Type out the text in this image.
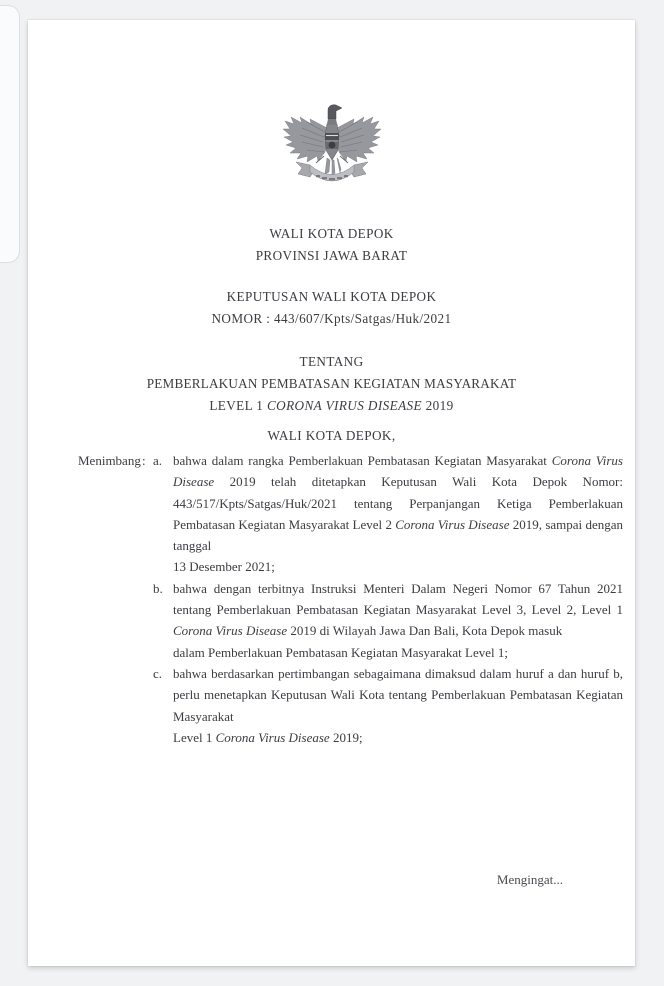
WALI KOTA DEPOK
PROVINSI JAWA BARAT
KEPUTUSAN WALI KOTA DEPOK
NOMOR : 443/607/Kpts/Satgas/Huk/2021
TENTANG
PEMBERLAKUAN PEMBATASAN KEGIATAN MASYARAKAT
LEVEL 1 CORONA VIRUS DISEASE 2019
WALI KOTA DEPOK,
Menimbang : a. bahwa dalam rangka Pemberlakuan Pembatasan Kegiatan Masyarakat Corona Virus Disease 2019 telah ditetapkan Keputusan Wali Kota Depok Nomor: 443/517/Kpts/Satgas/Huk/2021 tentang Perpanjangan Ketiga Pemberlakuan Pembatasan Kegiatan Masyarakat Level 2 Corona Virus Disease 2019, sampai dengan tanggal
13 Desember 2021;

b. bahwa dengan terbitnya Instruksi Menteri Dalam Negeri Nomor 67 Tahun 2021 tentang Pemberlakuan Pembatasan Kegiatan Masyarakat Level 3, Level 2, Level 1 Corona Virus Disease 2019 di Wilayah Jawa Dan Bali, Kota Depok masuk
dalam Pemberlakuan Pembatasan Kegiatan Masyarakat Level 1;

c. bahwa berdasarkan pertimbangan sebagaimana dimaksud dalam huruf a dan huruf b, perlu menetapkan Keputusan Wali Kota tentang Pemberlakuan Pembatasan Kegiatan Masyarakat
Level 1 Corona Virus Disease 2019;

Mengingat...
